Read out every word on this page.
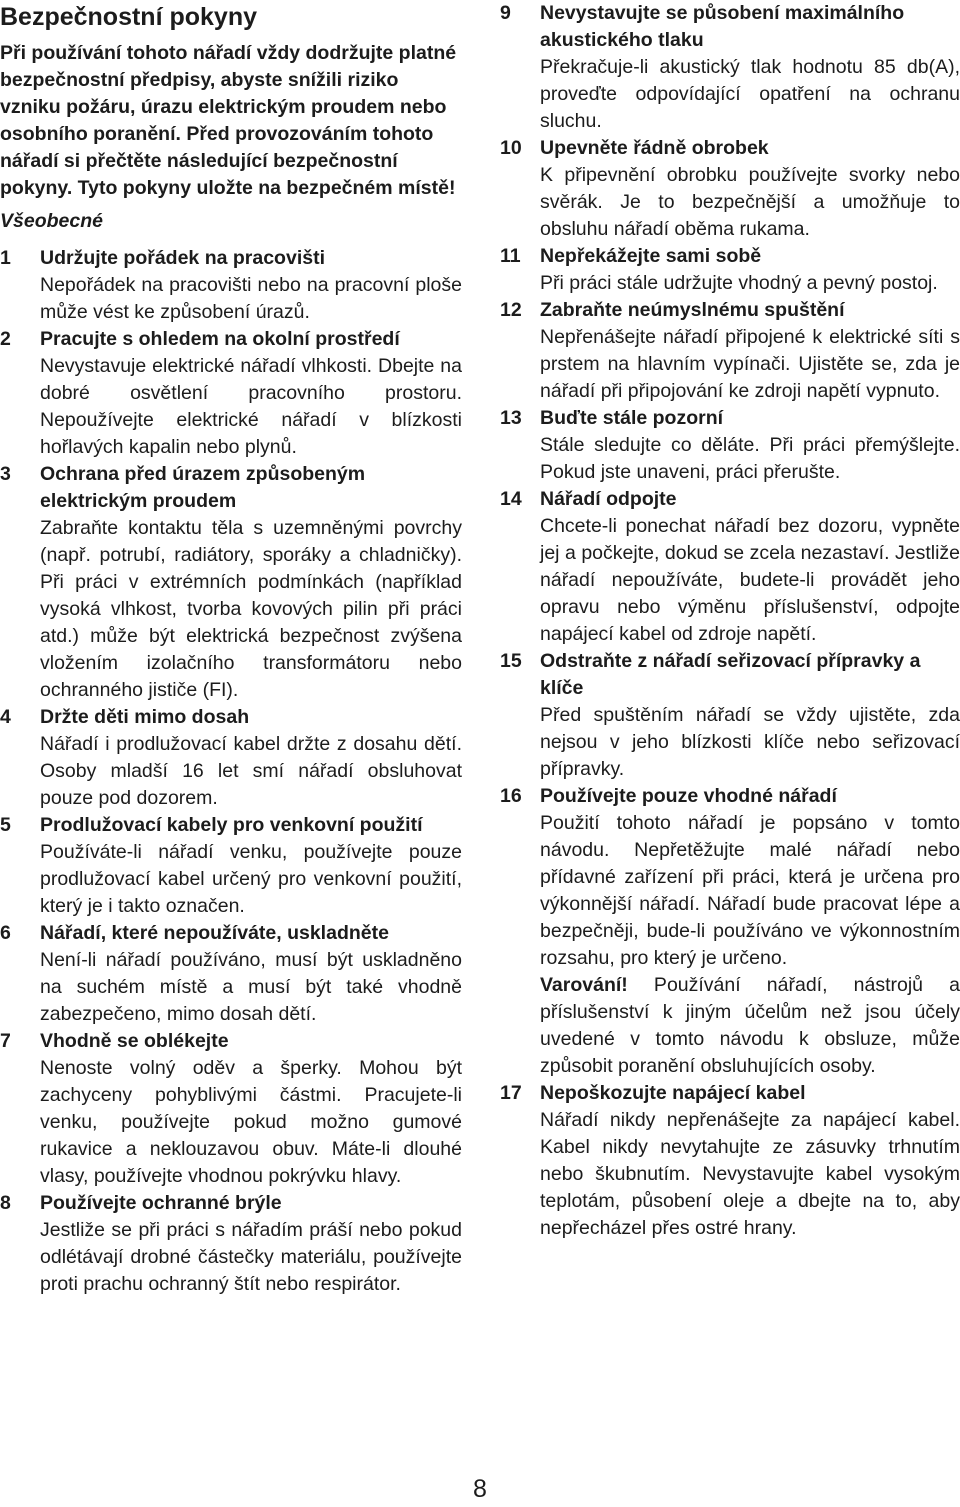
Bezpečnostní pokyny

Při používání tohoto nářadí vždy dodržujte platné bezpečnostní předpisy, abyste snížili riziko vzniku požáru, úrazu elektrickým proudem nebo osobního poranění. Před provozováním tohoto nářadí si přečtěte následující bezpečnostní pokyny. Tyto pokyny uložte na bezpečném místě!

Všeobecné

1	Udržujte pořádek na pracovišti

Nepořádek na pracovišti nebo na pracovní ploše může vést ke způsobení úrazů.

2	Pracujte s ohledem na okolní prostředí

Nevystavuje elektrické nářadí vlhkosti. Dbejte na dobré osvětlení pracovního prostoru. Nepoužívejte elektrické nářadí v blízkosti hořlavých kapalin nebo plynů.

3	Ochrana před úrazem způsobeným elektrickým proudem

Zabraňte kontaktu těla s uzemněnými povrchy (např. potrubí, radiátory, sporáky a chladničky). Při práci v extrémních podmínkách (například vysoká vlhkost, tvorba kovových pilin při práci atd.) může být elektrická bezpečnost zvýšena vložením izolačního transformátoru nebo ochranného jističe (FI).

4	Držte děti mimo dosah

Nářadí i prodlužovací kabel držte z dosahu dětí. Osoby mladší 16 let smí nářadí obsluhovat pouze pod dozorem.

5	Prodlužovací kabely pro venkovní použití

Používáte-li nářadí venku, používejte pouze prodlužovací kabel určený pro venkovní použití, který je i takto označen.

6	Nářadí, které nepoužíváte, uskladněte

Není-li nářadí používáno, musí být uskladněno na suchém místě a musí být také vhodně zabezpečeno, mimo dosah dětí.

7	Vhodně se oblékejte

Nenoste volný oděv a šperky. Mohou být zachyceny pohyblivými částmi. Pracujete-li venku, používejte pokud možno gumové rukavice a neklouzavou obuv. Máte-li dlouhé vlasy, používejte vhodnou pokrývku hlavy.

8	Používejte ochranné brýle

Jestliže se při práci s nářadím práší nebo pokud odlétávají drobné částečky materiálu, používejte proti prachu ochranný štít nebo respirátor.

9	Nevystavujte se působení maximálního akustického tlaku

Překračuje-li akustický tlak hodnotu 85 db(A), proveďte odpovídající opatření na ochranu sluchu.

10 Upevněte řádně obrobek

K připevnění obrobku používejte svorky nebo svěrák. Je to bezpečnější a umožňuje to obsluhu nářadí oběma rukama.

11 Nepřekážejte sami sobě

Při práci stále udržujte vhodný a pevný postoj.

12 Zabraňte neúmyslnému spuštění

Nepřenášejte nářadí připojené k elektrické síti s prstem na hlavním vypínači. Ujistěte se, zda je nářadí při připojování ke zdroji napětí vypnuto.

13 Buďte stále pozorní

Stále sledujte co děláte. Při práci přemýšlejte. Pokud jste unaveni, práci přerušte.

14 Nářadí odpojte

Chcete-li ponechat nářadí bez dozoru, vypněte jej a počkejte, dokud se zcela nezastaví. Jestliže nářadí nepoužíváte, budete-li provádět jeho opravu nebo výměnu příslušenství, odpojte napájecí kabel od zdroje napětí.

15 Odstraňte z nářadí seřizovací přípravky a klíče

Před spuštěním nářadí se vždy ujistěte, zda nejsou v jeho blízkosti klíče nebo seřizovací přípravky.

16 Používejte pouze vhodné nářadí

Použití tohoto nářadí je popsáno v tomto návodu. Nepřetěžujte malé nářadí nebo přídavné zařízení při práci, která je určena pro výkonnější nářadí. Nářadí bude pracovat lépe a bezpečněji, bude-li používáno ve výkonnostním rozsahu, pro který je určeno.

Varování! Používání nářadí, nástrojů a příslušenství k jiným účelům než jsou účely uvedené v tomto návodu k obsluze, může způsobit poranění obsluhujících osoby.

17 Nepoškozujte napájecí kabel

Nářadí nikdy nepřenášejte za napájecí kabel. Kabel nikdy nevytahujte ze zásuvky trhnutím nebo škubnutím. Nevystavujte kabel vysokým teplotám, působení oleje a dbejte na to, aby nepřecházel přes ostré hrany.

8
